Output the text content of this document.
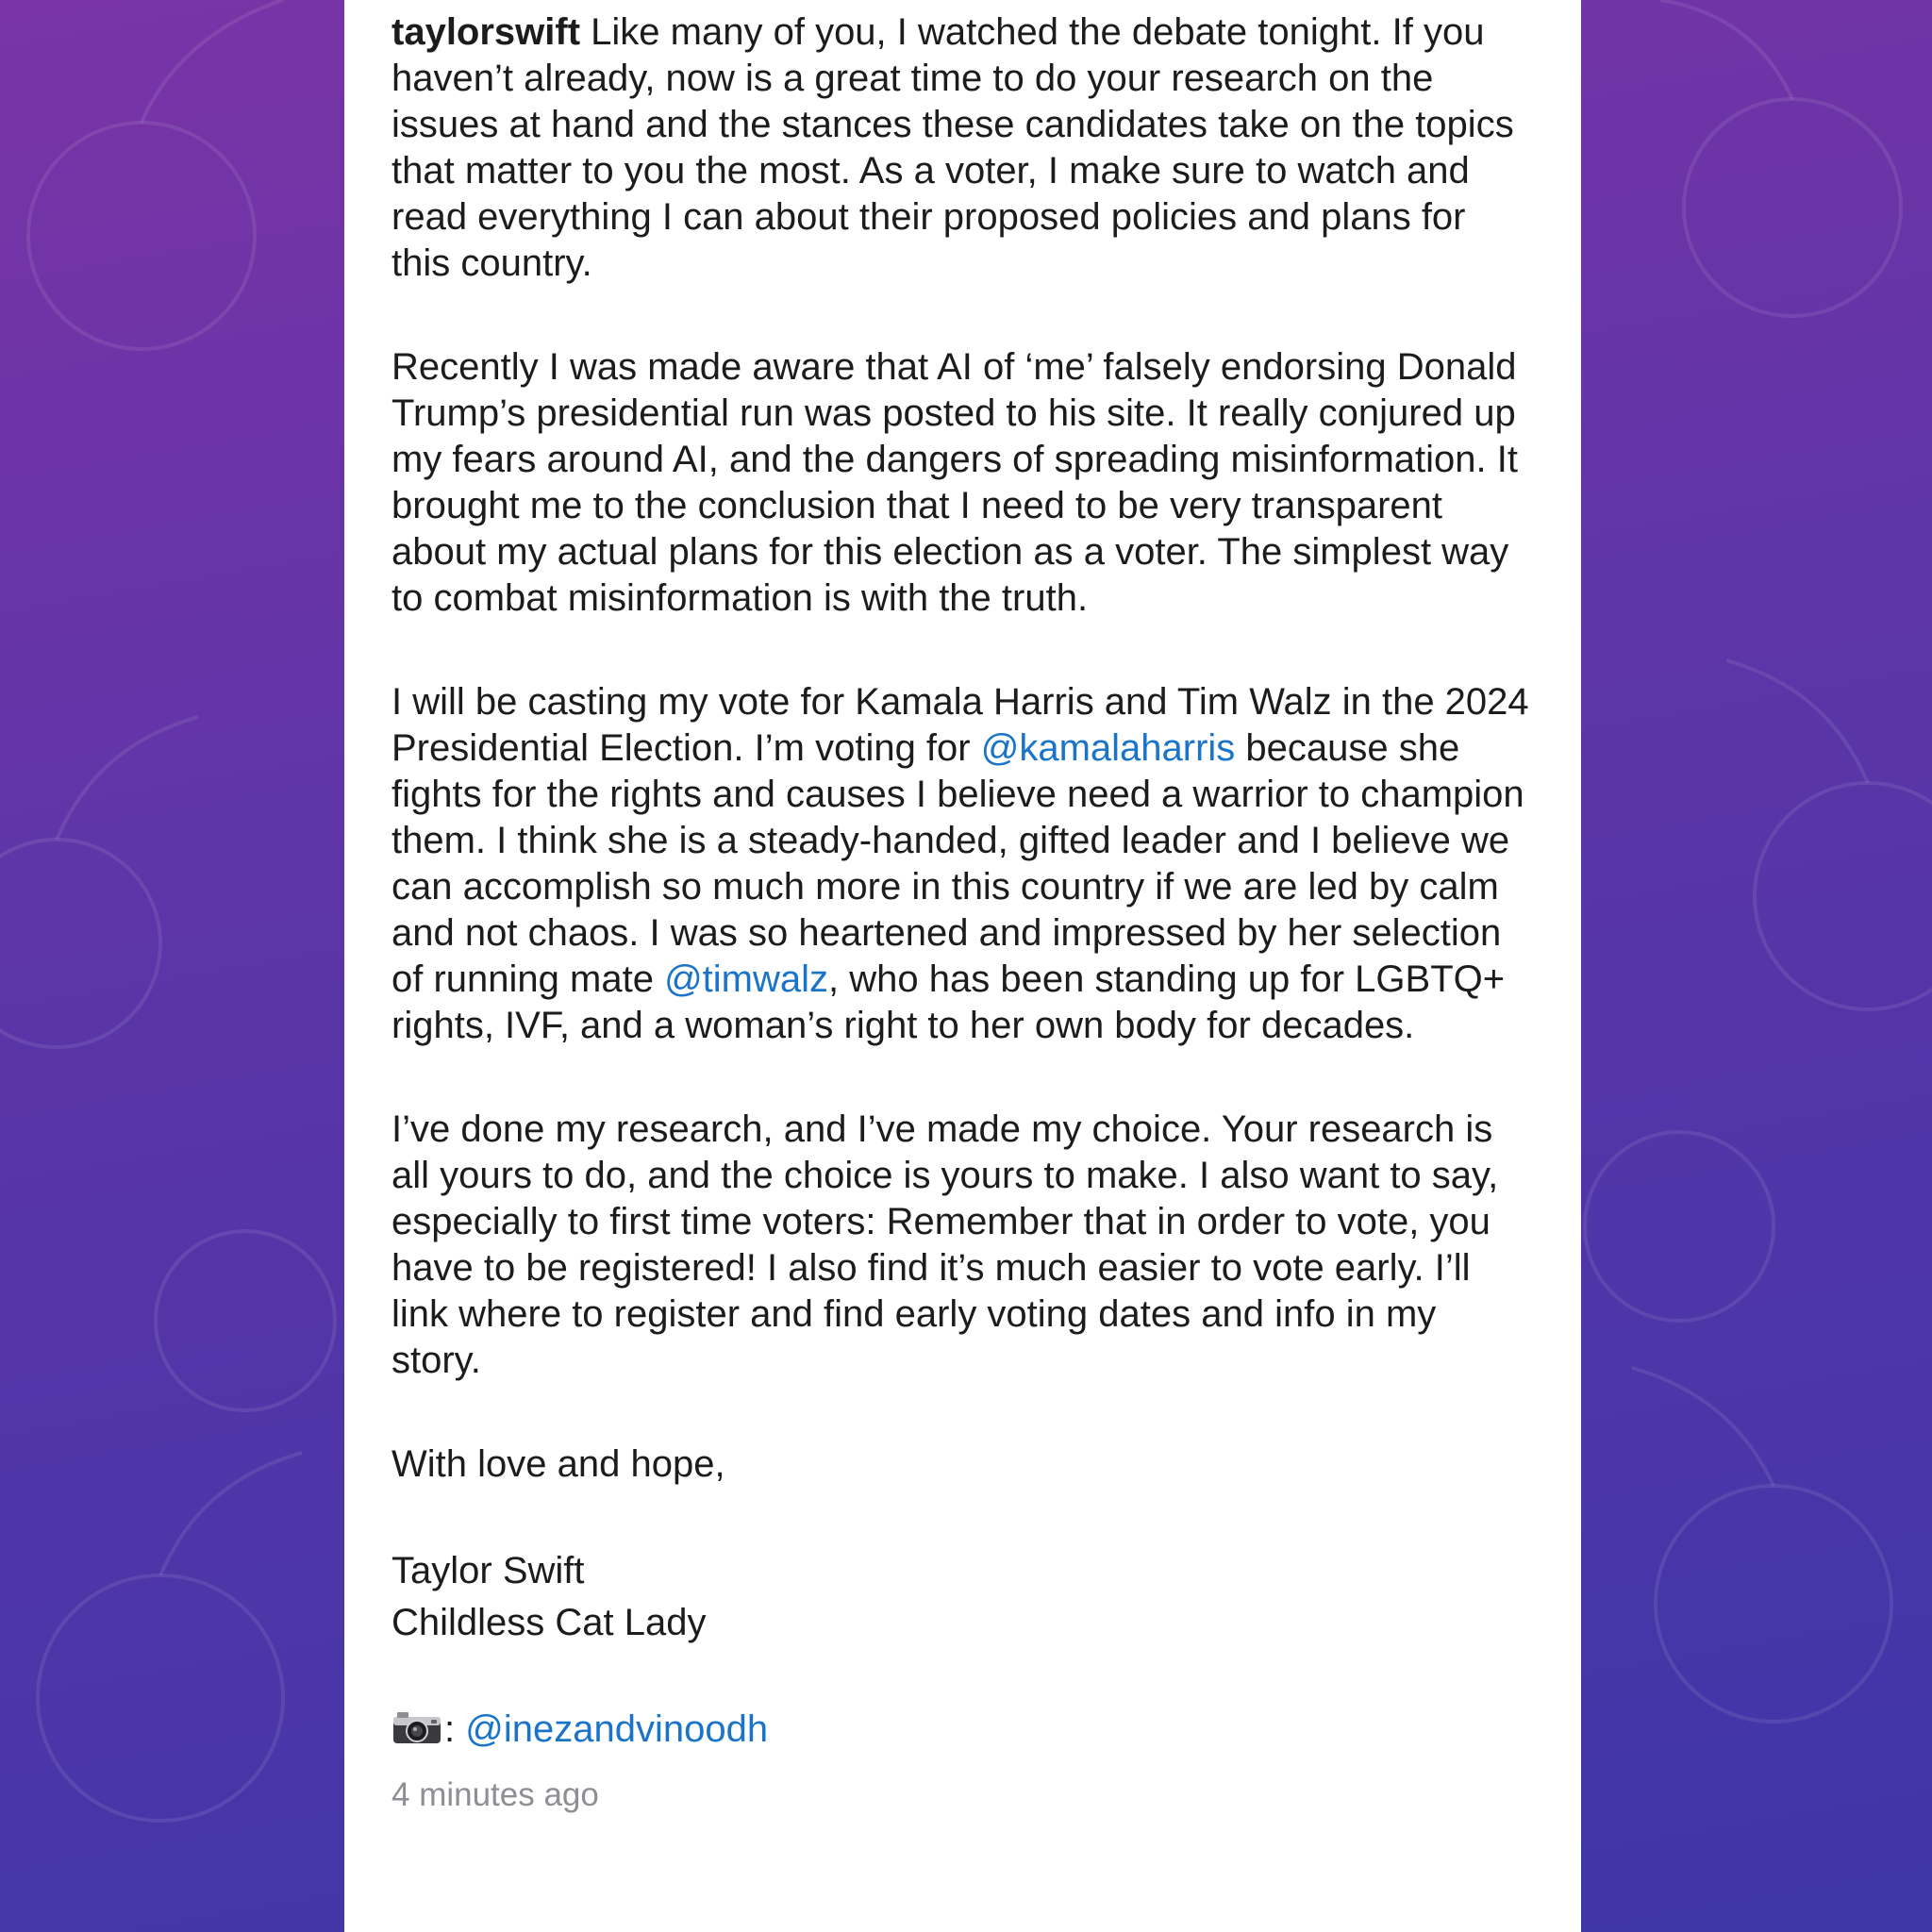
taylorswift Like many of you, I watched the debate tonight. If you haven’t already, now is a great time to do your research on the issues at hand and the stances these candidates take on the topics that matter to you the most. As a voter, I make sure to watch and read everything I can about their proposed policies and plans for this country.

Recently I was made aware that AI of ‘me’ falsely endorsing Donald Trump’s presidential run was posted to his site. It really conjured up my fears around AI, and the dangers of spreading misinformation. It brought me to the conclusion that I need to be very transparent about my actual plans for this election as a voter. The simplest way to combat misinformation is with the truth.

I will be casting my vote for Kamala Harris and Tim Walz in the 2024 Presidential Election. I’m voting for @kamalaharris because she fights for the rights and causes I believe need a warrior to champion them. I think she is a steady-handed, gifted leader and I believe we can accomplish so much more in this country if we are led by calm and not chaos. I was so heartened and impressed by her selection of running mate @timwalz, who has been standing up for LGBTQ+ rights, IVF, and a woman’s right to her own body for decades.

I’ve done my research, and I’ve made my choice. Your research is all yours to do, and the choice is yours to make. I also want to say, especially to first time voters: Remember that in order to vote, you have to be registered! I also find it’s much easier to vote early. I’ll link where to register and find early voting dates and info in my story.

With love and hope,

Taylor Swift
Childless Cat Lady

: @inezandvinoodh

4 minutes ago
